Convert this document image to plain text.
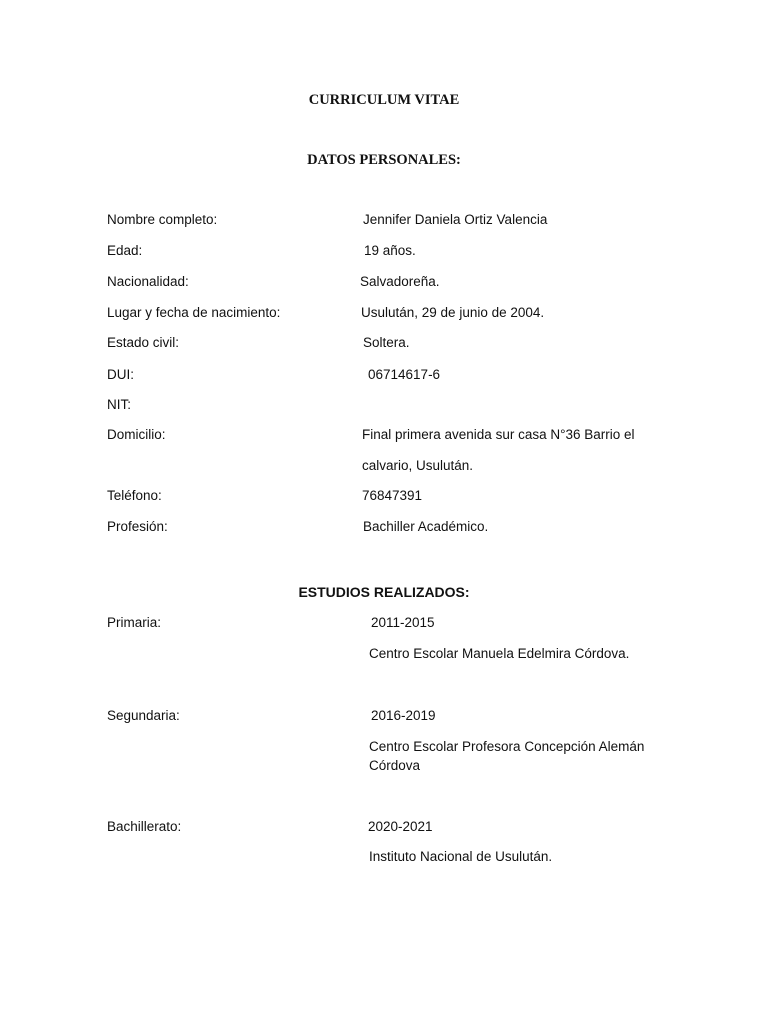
CURRICULUM VITAE
DATOS PERSONALES:
Nombre completo:	Jennifer Daniela Ortiz Valencia
Edad:	19 años.
Nacionalidad:	Salvadoreña.
Lugar y fecha de nacimiento:	Usulután, 29 de junio de 2004.
Estado civil:	Soltera.
DUI:	06714617-6
NIT:
Domicilio:	Final primera avenida sur casa N°36 Barrio el
calvario, Usulután.
Teléfono:	76847391
Profesión:	Bachiller Académico.
ESTUDIOS REALIZADOS:
Primaria:	2011-2015
Centro Escolar Manuela Edelmira Córdova.
Segundaria:	2016-2019
Centro Escolar Profesora Concepción Alemán
Córdova
Bachillerato:	2020-2021
Instituto Nacional de Usulután.
